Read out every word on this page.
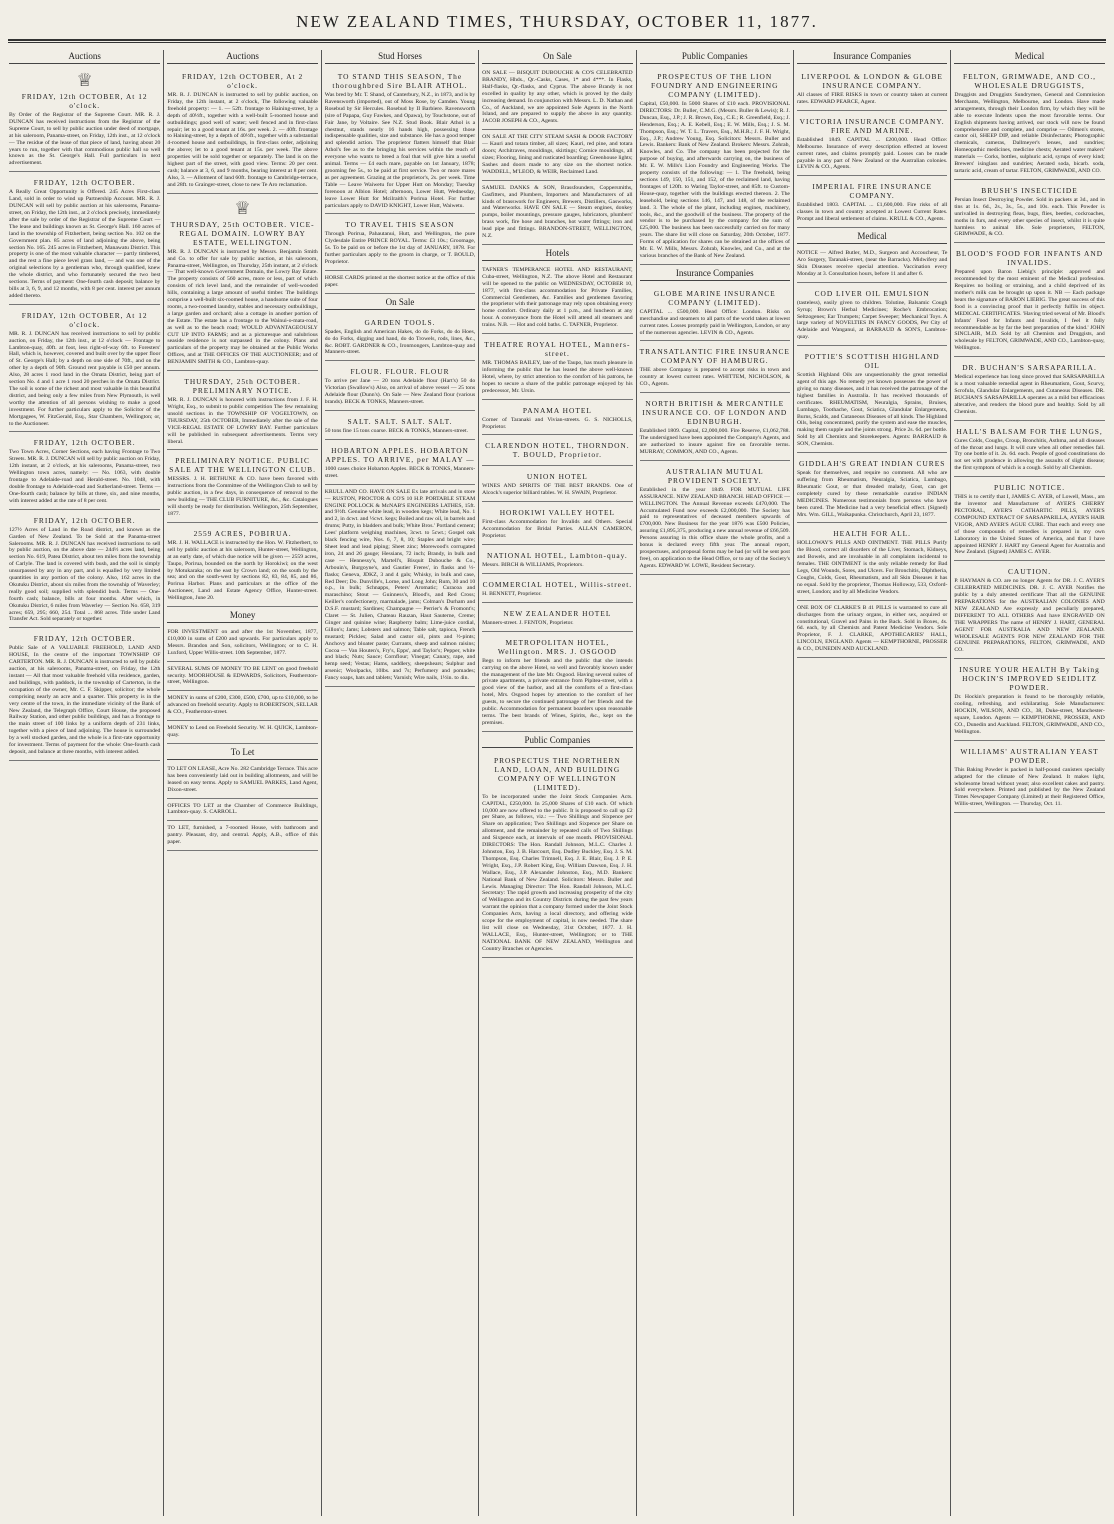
NEW ZEALAND TIMES, THURSDAY, OCTOBER 11, 1877.
Auctions
♕
FRIDAY, 12th OCTOBER, At 12 o'clock.

By Order of the Registrar of the Supreme Court. MR. R. J. DUNCAN has received instructions from the Registrar of the Supreme Court, to sell by public auction under deed of mortgage, at his saleroom, Panama-street, on Friday, 12th inst., at 12 o'clock — The residue of the lease of that piece of land, having about 20 years to run, together with that commodious public hall so well known as the St. George's Hall. Full particulars in next advertisement.

FRIDAY, 12th OCTOBER.

A Really Great Opportunity is Offered. 245 Acres First-class Land, sold in order to wind up Partnership Account. MR. R. J. DUNCAN will sell by public auction at his salerooms, Panama-street, on Friday, the 12th inst., at 2 o'clock precisely, immediately after the sale by order of the Registrar of the Supreme Court — The lease and buildings known as St. George's Hall. 160 acres of land in the township of Fitzherbert, being section No. 102 on the Government plan. 85 acres of land adjoining the above, being section No. 165. 245 acres in Fitzherbert, Manawatu District. This property is one of the most valuable character — partly timbered, and the rest a fine piece level grass land, — and was one of the original selections by a gentleman who, through qualified, knew the whole district, and who fortunately secured the two best sections. Terms of payment: One-fourth cash deposit; balance by bills at 3, 6, 9, and 12 months, with 8 per cent. interest per annum added thereto.

FRIDAY, 12th OCTOBER, At 12 o'clock.

MR. R. J. DUNCAN has received instructions to sell by public auction, on Friday, the 12th inst., at 12 o'clock — Frontage to Lambton-quay, 40ft. at foot, less right-of-way 6ft. to Foresters' Hall, which is, however, covered and built over by the upper floor of St. George's Hall; by a depth on one side of 70ft., and on the other by a depth of 90ft. Ground rent payable is £50 per annum. Also, 28 acres 1 rood land in the Omata District, being part of section No. 4 and 1 acre 1 rood 20 perches in the Omata District. The soil is some of the richest and most valuable in this beautiful district, and being only a few miles from New Plymouth, is well worthy the attention of all persons wishing to make a good investment. For further particulars apply to the Solicitor of the Mortgagees, W. FitzGerald, Esq., Star Chambers, Wellington; or, to the Auctioneer.

FRIDAY, 12th OCTOBER.

Two Town Acres, Corner Sections, each having Frontage to Two Streets. MR. R. J. DUNCAN will sell by public auction on Friday, 12th instant, at 2 o'clock, at his salerooms, Panama-street, two Wellington town acres, namely: — No. 1063, with double frontage to Adelaide-road and Herald-street. No. 1048, with double frontage to Adelaide-road and Sutherland-street. Terms — One-fourth cash; balance by bills at three, six, and nine months, with interest added at the rate of 8 per cent.

FRIDAY, 12th OCTOBER.

127½ Acres of Land in the Road district, and known as the Garden of New Zealand. To be Sold at the Panama-street Salerooms. MR. R. J. DUNCAN has received instructions to sell by public auction, on the above date — 244½ acres land, being section No. 619, Patea District, about ten miles from the township of Carlyle. The land is covered with bush, and the soil is simply unsurpassed by any in any part, and is equalled by very limited quantities in any portion of the colony. Also, 162 acres in the Okutuku District, about six miles from the township of Waverley; really good soil; supplied with splendid bush. Terms — One-fourth cash; balance, bills at four months. After which, in Okutuku District, 6 miles from Waverley — Section No. 658, 319 acres; 659, 295; 660, 254. Total ... 868 acres. Title under Land Transfer Act. Sold separately or together.

FRIDAY, 12th OCTOBER.

Public Sale of A VALUABLE FREEHOLD, LAND AND HOUSE, In the centre of the important TOWNSHIP OF CARTERTON. MR. R. J. DUNCAN is instructed to sell by public auction, at his salerooms, Panama-street, on Friday, the 12th instant — All that most valuable freehold villa residence, garden, and buildings, with paddock, in the township of Carterton, in the occupation of the owner, Mr. C. F. Skipper, solicitor; the whole comprising nearly an acre and a quarter. This property is in the very centre of the town, in the immediate vicinity of the Bank of New Zealand, the Telegraph Office, Court House, the proposed Railway Station, and other public buildings, and has a frontage to the main street of 100 links by a uniform depth of 231 links, together with a piece of land adjoining. The house is surrounded by a well stocked garden, and the whole is a first-rate opportunity for investment. Terms of payment for the whole: One-fourth cash deposit, and balance at three months, with interest added.

Auctions
FRIDAY, 12th OCTOBER, At 2 o'clock.

MR. R. J. DUNCAN is instructed to sell by public auction, on Friday, the 12th instant, at 2 o'clock, The following valuable freehold property: — 1. — 52ft. frontage to Haining-street, by a depth of 40½ft., together with a well-built 5-roomed house and outbuildings; good well of water; well fenced and in first-class repair; let to a good tenant at 16s. per week. 2. — 40ft. frontage to Haining-street, by a depth of 40½ft., together with a substantial 4-roomed house and outbuildings, in first-class order, adjoining the above; let to a good tenant at 15s. per week. The above properties will be sold together or separately. The land is on the highest part of the street, with good view. Terms: 20 per cent. cash; balance at 3, 6, and 9 months, bearing interest at 8 per cent. Also, 3. — Allotment of land 60ft. frontage to Cambridge-terrace, and 28ft. to Grainger-street, close to new Te Aro reclamation.

♕
THURSDAY, 25th OCTOBER. VICE-REGAL DOMAIN. LOWRY BAY ESTATE, WELLINGTON.

MR. R. J. DUNCAN is instructed by Messrs. Benjamin Smith and Co. to offer for sale by public auction, at his saleroom, Panama-street, Wellington, on Thursday, 25th instant, at 2 o'clock — That well-known Government Domain, the Lowry Bay Estate. The property consists of 560 acres, more or less, part of which consists of rich level land, and the remainder of well-wooded hills, containing a large amount of useful timber. The buildings comprise a well-built six-roomed house, a handsome suite of four rooms, a two-roomed laundry, stables and necessary outbuildings, a large garden and orchard; also a cottage in another portion of the Estate. The estate has a frontage to the Wainui-o-mata-road, as well as to the beach road; WOULD ADVANTAGEOUSLY CUT UP INTO FARMS; and as a picturesque and salubrious seaside residence is not surpassed in the colony. Plans and particulars of the property may be obtained at the Public Works Offices, and at THE OFFICES OF THE AUCTIONEER; and of BENJAMIN SMITH & CO., Lambton-quay.

THURSDAY, 25th OCTOBER. PRELIMINARY NOTICE.

MR. R. J. DUNCAN is honored with instructions from J. F. H. Wright, Esq., to submit to public competition The few remaining unsold sections in the TOWNSHIP OF VOGELTOWN, on THURSDAY, 25th OCTOBER, Immediately after the sale of the VICE-REGAL ESTATE OF LOWRY BAY. Further particulars will be published in subsequent advertisements. Terms very liberal.

PRELIMINARY NOTICE. PUBLIC SALE AT THE WELLINGTON CLUB.

MESSRS. J. H. BETHUNE & CO. have been favored with instructions from the Committee of the Wellington Club to sell by public auction, in a few days, in consequence of removal to the new building — THE CLUB FURNITURE, &c., &c. Catalogues will shortly be ready for distribution. Wellington, 25th September, 1877.

2559 ACRES, POBIRUA.

MR. J. H. WALLACE is instructed by the Hon. W. Fitzherbert, to sell by public auction at his saleroom, Hunter-street, Wellington, at an early date, of which due notice will be given — 2559 acres, Taupo, Porirua, bounded on the north by Horokiwi; on the west by Motukaraka; on the east by Crown land; on the south by the sea; and on the south-west by sections 82, 83, 84, 85, and 86, Porirua Harbor. Plans and particulars at the office of the Auctioneer, Land and Estate Agency Office, Hunter-street. Wellington, June 20.

Money

FOR INVESTMENT on and after the 1st November, 1877, £10,000 in sums of £200 and upwards. For particulars apply to Messrs. Brandon and Son, solicitors, Wellington; or to C. H. Luxford, Upper Willis-street. 10th September, 1877.

SEVERAL SUMS OF MONEY TO BE LENT on good freehold security. MOORHOUSE & EDWARDS, Solicitors, Featherston-street, Wellington.

MONEY in sums of £200, £300, £500, £700, up to £10,000, to be advanced on freehold security. Apply to ROBERTSON, SELLAR & CO., Featherston-street.

MONEY to Lend on Freehold Security. W. H. QUICK, Lambton-quay.

To Let

TO LET ON LEASE, Acre No. 282 Cambridge Terrace. This acre has been conveniently laid out in building allotments, and will be leased on easy terms. Apply to SAMUEL PARKES, Land Agent, Dixon-street.

OFFICES TO LET at the Chamber of Commerce Buildings, Lambton-quay. S. CARROLL.

TO LET, furnished, a 7-roomed House, with bathroom and pantry. Pleasant, dry, and central. Apply, A.B., office of this paper.

Stud Horses
TO STAND THIS SEASON, The thoroughbred Sire BLAIR ATHOL.

Was bred by Mr. T. Shand, of Canterbury, N.Z., in 1873, and is by Ravensworth (imported), out of Moss Rose, by Camden. Young Rosebud by Sir Hercules. Rosebud by II Barbiere. Ravensworth (sire of Papapa, Guy Fawkes, and Opawa), by Touchstone, out of Fair Jane, by Voltaire. See N.Z. Stud Book. Blair Athol is a chestnut, stands nearly 16 hands high, possessing those indispensable qualities, size and substance. He has a good temper and splendid action. The proprietor flatters himself that Blair Athol's fee as to the bringing his services within the reach of everyone who wants to breed a foal that will give him a useful animal. Terms — £4 each mare, payable on 1st January, 1878; grooming fee 5s., to be paid at first service. Two or more mares as per agreement. Grazing at the proprietor's, 2s. per week. Time Table — Leave Waiwetu for Upper Hutt on Monday; Tuesday forenoon at Albion Hotel; afternoon, Lower Hutt, Wednesday, leave Lower Hutt for Mcilraith's Porirua Hotel. For further particulars apply to DAVID KNIGHT, Lower Hutt, Waiwetu.

TO TRAVEL THIS SEASON

Through Porirua, Pahautanui, Hutt, and Wellington, the pure Clydesdale Entire PRINCE ROYAL. Terms: £3 10s.; Groomage, 5s. To be paid on or before the 1st day of JANUARY, 1878. For further particulars apply to the groom in charge, or T. BOULD, Proprietor.

HORSE CARDS printed at the shortest notice at the office of this paper.

On Sale
GARDEN TOOLS.

Spades, English and American Hakes, do do Forks, do do Hoes, do do Forks, digging and hand, do do Trowels, rods, lines, &c., &c. ROBT. GARDNER & CO., Ironmongers, Lambton-quay and Manners-street.

FLOUR. FLOUR. FLOUR

To arrive per Jane — 20 tons Adelaide flour (Hart's) 50 do Victorian (Swallow's) Also, on arrival of above vessel — 25 tons Adelaide flour (Dunn's). On Sale — New Zealand flour (various brands). BECK & TONKS, Manners-street.

SALT. SALT. SALT. SALT.

50 tons fine 15 tons coarse. BECK & TONKS, Manners-street.

HOBARTON APPLES. HOBARTON APPLES. TO ARRIVE, per MALAY —

1000 cases choice Hobarton Apples. BECK & TONKS, Manners-street.

KRULL AND CO. HAVE ON SALE Ex late arrivals and in store — RUSTON, PROCTOR & CO'S 10 H.P. PORTABLE STEAM ENGINE POLLOCK & McNAB'S ENGINEERS LATHES, 15ft. and 9½ft. Genuine white lead, in wooden kegs; White lead, No. 1 and 2, in 4cwt. and ½cwt. kegs; Boiled and raw oil, in barrels and drums; Putty, in bladders and bulk; White Bros.' Portland cement; Lees' platform weighing machines, 3cwt. to 5cwt.; Gospel oak black fencing wire, Nos. 6, 7, 8, 10; Staples and bright wire; Sheet lead and lead piping; Sheet zinc; Morewood's corrugated iron, 24 and 26 gauge; Hessians, 72 inch; Brandy, in bulk and case — Hennessy's, Martell's, Bisquit Dubouche & Co., Arbouin's, Burgoyne's, and Gautier Freres', in flasks and ½-flasks; Geneva, JDKZ, 3 and 4 gals; Whisky, in bulk and case, Red Deer; Do. Dunville's, Lorne, and Long John; Rum, 30 and 10 o.p., in bulk; Schnapps, Peters' Aromatic; Curacoa and maraschino; Stout — Guinness's, Blood's, and Red Cross; Keiller's confectionery, marmalade, jams; Colman's Durham and D.S.F. mustard; Sardines; Champagne — Perrier's & Fromont's; Claret — St. Julien, Chateau Rauzan, Haut Sauterne, Creme; Ginger and quinine wine; Raspberry balm; Lime-juice cordial, Gillon's; Jams; Lobsters and salmon; Table salt, tapioca, French mustard; Pickles; Salad and castor oil, pints and ½-pints; Anchovy and bloater paste; Currants, sheep and salmon raisins; Cocoa — Van Houten's, Fry's, Epps', and Taylor's; Pepper, white and black; Nuts; Sauce; Cornflour; Vinegar; Canary, rape, and hemp seed; Vestas; Hams, saddlery, sheepshears; Sulphur and arsenic; Woolpacks, 10lbs. and 7s; Perfumery and pomades; Fancy soaps, hats and tablets; Varnish; Wire nails, 1½in. to 4in.

On Sale

ON SALE — BISQUIT DUBOUCHE & CO'S CELEBRATED BRANDY, Hhds., Qr.-Casks, Cases, 1* and 4***. In Flasks, Half-flasks, Qr.-flasks, and Cyprus. The above Brandy is not excelled in quality by any other, which is proved by the daily increasing demand. In conjunction with Messrs. L. D. Nathan and Co., of Auckland, we are appointed Sole Agents in the North Island, and are prepared to supply the above in any quantity. JACOB JOSEPH & CO., Agents.

ON SALE AT THE CITY STEAM SASH & DOOR FACTORY — Kauri and totara timber, all sizes; Kauri, red pine, and totara doors; Architraves, mouldings, skirtings; Cornice mouldings, all sizes; Flooring, lining and rusticated boarding; Greenhouse lights; Sashes and doors made to any size on the shortest notice. WADDELL, M'LEOD, & WEIR, Reclaimed Land.

SAMUEL DANKS & SON, Brassfounders, Coppersmiths, Gasfitters, and Plumbers, Importers and Manufacturers of all kinds of brasswork for Engineers, Brewers, Distillers, Gasworks, and Waterworks. HAVE ON SALE — Steam engines, donkey pumps, boiler mountings, pressure gauges, lubricators, plumbers' brass work, fire hose and branches, hot water fittings; iron and lead pipe and fittings. BRANDON-STREET, WELLINGTON, N.Z.

Hotels

TAFNER'S TEMPERANCE HOTEL AND RESTAURANT, Cuba-street, Wellington, N.Z. The above Hotel and Restaurant will be opened to the public on WEDNESDAY, OCTOBER 10, 1877, with first-class accommodation for Private Families, Commercial Gentlemen, &c. Families and gentlemen favoring the proprietor with their patronage may rely upon obtaining every home comfort. Ordinary daily at 1 p.m., and luncheon at any hour. A conveyance from the Hotel will attend all steamers and trains. N.B. — Hot and cold baths. C. TAFNER, Proprietor.

THEATRE ROYAL HOTEL, Manners-street.

MR. THOMAS BAILEY, late of the Taupo, has much pleasure in informing the public that he has leased the above well-known Hotel, where, by strict attention to the comfort of his patrons, he hopes to secure a share of the public patronage enjoyed by his predecessor, Mr. Ursin.

PANAMA HOTEL

Corner of Taranaki and Vivian-streets. G. S. NICHOLLS, Proprietor.

CLARENDON HOTEL, THORNDON. T. BOULD, Proprietor.
UNION HOTEL

WINES AND SPIRITS OF THE BEST BRANDS. One of Alcock's superior billiard tables. W. H. SWAIN, Proprietor.

HOROKIWI VALLEY HOTEL

First-class Accommodation for Invalids and Others. Special Accommodation for Bridal Parties. ALLAN CAMERON, Proprietor.

NATIONAL HOTEL, Lambton-quay.

Messrs. BIRCH & WILLIAMS, Proprietors.

COMMERCIAL HOTEL, Willis-street.

H. BENNETT, Proprietor.

NEW ZEALANDER HOTEL

Manners-street. J. FENTON, Proprietor.

METROPOLITAN HOTEL, Wellington. MRS. J. OSGOOD

Begs to inform her friends and the public that she intends carrying on the above Hotel, so well and favorably known under the management of the late Mr. Osgood. Having several suites of private apartments, a private entrance from Pipitea-street, with a good view of the harbor, and all the comforts of a first-class hotel, Mrs. Osgood hopes by attention to the comfort of her guests, to secure the continued patronage of her friends and the public. Accommodation for permanent boarders upon reasonable terms. The best brands of Wines, Spirits, &c., kept on the premises.

Public Companies
PROSPECTUS THE NORTHERN LAND, LOAN, AND BUILDING COMPANY OF WELLINGTON (LIMITED).

To be incorporated under the Joint Stock Companies Acts. CAPITAL, £250,000. In 25,000 Shares of £10 each. Of which 10,000 are now offered to the public. It is proposed to call up £2 per Share, as follows, viz.: — Two Shillings and Sixpence per Share on application; Two Shillings and Sixpence per Share on allotment, and the remainder by repeated calls of Two Shillings and Sixpence each, at intervals of one month. PROVISIONAL DIRECTORS: The Hon. Randall Johnson, M.L.C. Charles J. Johnston, Esq. J. B. Harcourt, Esq. Dudley Buckley, Esq. J. S. M. Thompson, Esq. Charles Trimnell, Esq. J. E. Blair, Esq. J. P. E. Wright, Esq., J.P. Robert King, Esq. William Dawson, Esq. J. H. Wallace, Esq., J.P. Alexander Johnston, Esq., M.D. Bankers: National Bank of New Zealand. Solicitors: Messrs. Buller and Lewis. Managing Director: The Hon. Randall Johnson, M.L.C. Secretary: The rapid growth and increasing prosperity of the city of Wellington and its Country Districts during the past few years warrant the opinion that a company formed under the Joint Stock Companies Acts, having a local directory, and offering wide scope for the employment of capital, is now needed. The share list will close on Wednesday, 31st October, 1877. J. H. WALLACE, Esq., Hunter-street, Wellington; or to THE NATIONAL BANK OF NEW ZEALAND, Wellington and Country Branches or Agencies.

Public Companies
PROSPECTUS OF THE LION FOUNDRY AND ENGINEERING COMPANY (LIMITED).

Capital, £50,000. In 5000 Shares of £10 each. PROVISIONAL DIRECTORS: Dr. Buller, C.M.G. (Messrs. Buller & Lewis); R. J. Duncan, Esq., J.P.; J. R. Brown, Esq., C.E.; R. Greenfield, Esq.; J. Henderson, Esq.; A. E. Kebell, Esq.; E. W. Mills, Esq.; J. S. M. Thompson, Esq.; W. T. L. Travers, Esq., M.H.R.; J. F. H. Wright, Esq., J.P.; Andrew Young, Esq. Solicitors: Messrs. Buller and Lewis. Bankers: Bank of New Zealand. Brokers: Messrs. Zohrab, Knowles, and Co. The company has been projected for the purpose of buying, and afterwards carrying on, the business of Mr. E. W. Mills's Lion Foundry and Engineering Works. The property consists of the following: — 1. The freehold, being sections 149, 150, 151, and 152, of the reclaimed land, having frontages of 120ft. to Waring Taylor-street, and 85ft. to Custom-House-quay, together with the buildings erected thereon. 2. The leasehold, being sections 146, 147, and 148, of the reclaimed land. 3. The whole of the plant, including engines, machinery, tools, &c., and the goodwill of the business. The property of the vendor is to be purchased by the company for the sum of £25,000. The business has been successfully carried on for many years. The share list will close on Saturday, 20th October, 1877. Forms of application for shares can be obtained at the offices of Mr. E. W. Mills, Messrs. Zohrab, Knowles, and Co., and at the various branches of the Bank of New Zealand.

Insurance Companies
GLOBE MARINE INSURANCE COMPANY (LIMITED).

CAPITAL ... £500,000. Head Office: London. Risks on merchandise and steamers to all parts of the world taken at lowest current rates. Losses promptly paid in Wellington, London, or any of the numerous agencies. LEVIN & CO., Agents.

TRANSATLANTIC FIRE INSURANCE COMPANY OF HAMBURG.

THE above Company is prepared to accept risks in town and country at lowest current rates. WHITTEM, NICHOLSON, & CO., Agents.

NORTH BRITISH & MERCANTILE INSURANCE CO. OF LONDON AND EDINBURGH.

Established 1809. Capital, £2,000,000. Fire Reserve, £1,062,788. The undersigned have been appointed the Company's Agents, and are authorized to insure against fire on favorable terms. MURRAY, COMMON, AND CO., Agents.

AUSTRALIAN MUTUAL PROVIDENT SOCIETY.

Established in the year 1849. FOR MUTUAL LIFE ASSURANCE. NEW ZEALAND BRANCH. HEAD OFFICE — WELLINGTON. The Annual Revenue exceeds £470,000. The Accumulated Fund now exceeds £2,000,000. The Society has paid to representatives of deceased members upwards of £700,000. New Business for the year 1876 was £500 Policies, assuring £1,895,375, producing a new annual revenue of £66,509. Persons assuring in this office share the whole profits, and a bonus is declared every fifth year. The annual report, prospectuses, and proposal forms may be had (or will be sent post free), on application to the Head Office, or to any of the Society's Agents. EDWARD W. LOWE, Resident Secretary.

Insurance Companies
LIVERPOOL & LONDON & GLOBE INSURANCE COMPANY.

All classes of FIRE RISKS in town or country taken at current rates. EDWARD PEARCE, Agent.

VICTORIA INSURANCE COMPANY. FIRE AND MARINE.

Established 1849. CAPITAL ... £200,000. Head Office: Melbourne. Insurance of every description effected at lowest current rates, and claims promptly paid. Losses can be made payable in any part of New Zealand or the Australian colonies. LEVIN & CO., Agents.

IMPERIAL FIRE INSURANCE COMPANY.

Established 1803. CAPITAL ... £1,600,000. Fire risks of all classes in town and country accepted at Lowest Current Rates. Prompt and liberal settlement of claims. KRULL & CO., Agents.

Medical

NOTICE — Alfred Butler, M.D., Surgeon and Accoucheur, Te Aro Surgery, Taranaki-street, (near the Barracks). Midwifery and Skin Diseases receive special attention. Vaccination every Monday at 3. Consultation hours, before 11 and after 6.

COD LIVER OIL EMULSION

(tasteless), easily given to children. Tolutine, Balsamic Cough Syrup; Brown's Herbal Medicines; Roche's Embrocation; Seltzogenes; Ear Trumpets; Carpet Sweeper; Mechanical Toys. A large variety of NOVELTIES IN FANCY GOODS, Per City of Adelaide and Wanganui, at BARRAUD & SON'S, Lambton-quay.

POTTIE'S SCOTTISH HIGHLAND OIL

Scottish Highland Oils are unquestionably the great remedial agent of this age. No remedy yet known possesses the power of giving so many diseases, and it has received the patronage of the highest families in Australia. It has received thousands of certificates. RHEUMATISM, Neuralgia, Sprains, Bruises, Lumbago, Toothache, Gout, Sciatica, Glandular Enlargements, Burns, Scalds, and Cutaneous Diseases of all kinds. The Highland Oils, being concentrated, purify the system and ease the muscles, making them supple and the joints strong. Price 2s. 6d. per bottle. Sold by all Chemists and Storekeepers. Agents: BARRAUD & SON, Chemists.

GIDDLAH'S GREAT INDIAN CURES

Speak for themselves, and require no comment. All who are suffering from Rheumatism, Neuralgia, Sciatica, Lumbago, Rheumatic Gout, or that dreaded malady, Gout, can get completely cured by these remarkable curative INDIAN MEDICINES. Numerous testimonials from persons who have been cured. The Medicine had a very beneficial effect. (Signed) Mrs. Wm. GILL, Waikapunka. Christchurch, April 23, 1877.

HEALTH FOR ALL.

HOLLOWAY'S PILLS AND OINTMENT. THE PILLS Purify the Blood, correct all disorders of the Liver, Stomach, Kidneys, and Bowels, and are invaluable in all complaints incidental to females. THE OINTMENT is the only reliable remedy for Bad Legs, Old Wounds, Sores, and Ulcers. For Bronchitis, Diphtheria, Coughs, Colds, Gout, Rheumatism, and all Skin Diseases it has no equal. Sold by the proprietor, Thomas Holloway, 533, Oxford-street, London; and by all Medicine Vendors.

ONE BOX OF CLARKE'S B 41 PILLS is warranted to cure all discharges from the urinary organs, in either sex, acquired or constitutional, Gravel and Pains in the Back. Sold in Boxes, 4s. 6d. each, by all Chemists and Patent Medicine Vendors. Sole Proprietor, F. J. CLARKE, APOTHECARIES' HALL, LINCOLN, ENGLAND. Agents — KEMPTHORNE, PROSSER & CO., DUNEDIN AND AUCKLAND.

Medical
FELTON, GRIMWADE, AND CO., WHOLESALE DRUGGISTS,

Druggists and Druggists Sundrymen, General and Commission Merchants, Wellington, Melbourne, and London. Have made arrangements, through their London firm, by which they will be able to execute Indents upon the most favorable terms. Our English shipments having arrived, our stock will now be found comprehensive and complete, and comprise — Oilmen's stores, castor oil, SHEEP DIP, and reliable Disinfectants; Photographic chemicals, cameras, Dallmeyer's lenses, and sundries; Homeopathic medicines, medicine chests; Aerated water makers' materials — Corks, bottles, sulphuric acid, syrups of every kind; Brewers' isinglass and sundries; Aerated soda, bicarb. soda, tartaric acid, cream of tartar. FELTON, GRIMWADE, AND CO.

BRUSH'S INSECTICIDE

Persian Insect Destroying Powder. Sold in packets at 3d., and in tins at 1s. 6d., 2s., 3s., 5s., and 10s. each. This Powder is unrivalled in destroying fleas, bugs, flies, beetles, cockroaches, moths in furs, and every other species of insect, whilst it is quite harmless to animal life. Sole proprietors, FELTON, GRIMWADE, & CO.

BLOOD'S FOOD FOR INFANTS AND INVALIDS.

Prepared upon Baron Liebig's principle: approved and recommended by the most eminent of the Medical profession. Requires no boiling or straining, and a child deprived of its mother's milk can be brought up upon it. NB — Each package bears the signature of BARON LIEBIG. The great success of this food is a convincing proof that it perfectly fulfils its object. MEDICAL CERTIFICATES. 'Having tried several of Mr. Blood's Infants' Food for Infants and Invalids, I feel it fully recommendable as by far the best preparation of the kind.' JOHN SINCLAIR, M.D. Sold by all Chemists and Druggists, and wholesale by FELTON, GRIMWADE, AND CO., Lambton-quay, Wellington.

DR. BUCHAN'S SARSAPARILLA.

Medical experience has long since proved that SARSAPARILLA is a most valuable remedial agent in Rheumatism, Gout, Scurvy, Scrofula, Glandular Enlargements, and Cutaneous Diseases. DR. BUCHAN'S SARSAPARILLA operates as a mild but efficacious alterative, and renders the blood pure and healthy. Sold by all Chemists.

HALL'S BALSAM FOR THE LUNGS,

Cures Colds, Coughs, Croup, Bronchitis, Asthma, and all diseases of the throat and lungs. It will cure when all other remedies fail. Try one bottle of it. 2s. 6d. each. People of good constitutions do not set with prudence in allowing the assaults of slight disease; the first symptom of which is a cough. Sold by all Chemists.

PUBLIC NOTICE.

THIS is to certify that I, JAMES C. AYER, of Lowell, Mass., am the inventor and Manufacturer of AYER'S CHERRY PECTORAL, AYER'S CATHARTIC PILLS, AYER'S COMPOUND EXTRACT OF SARSAPARILLA, AYER'S HAIR VIGOR, AND AYER'S AGUE CURE. That each and every one of those compounds of remedies is prepared in my own Laboratory in the United States of America, and that I have appointed HENRY J. HART my General Agent for Australia and New Zealand. (Signed) JAMES C. AYER.

CAUTION.

P. HAYMAN & CO. are no longer Agents for DR. J. C. AYER'S CELEBRATED MEDICINES. DR. J. C. AYER Notifies the public by a duly attested certificate That all the GENUINE PREPARATIONS for the AUSTRALIAN COLONIES AND NEW ZEALAND Are expressly and peculiarly prepared, DIFFERENT TO ALL OTHERS And have ENGRAVED ON THE WRAPPERS The name of HENRY J. HART, GENERAL AGENT FOR AUSTRALIA AND NEW ZEALAND. WHOLESALE AGENTS FOR NEW ZEALAND FOR THE GENUINE PREPARATIONS, FELTON, GRIMWADE, AND CO.

INSURE YOUR HEALTH By Taking HOCKIN'S IMPROVED SEIDLITZ POWDER.

Dr. Hockin's preparation is found to be thoroughly reliable, cooling, refreshing, and exhilarating. Sole Manufacturers: HOCKIN, WILSON, AND CO., 38, Duke-street, Manchester-square, London. Agents — KEMPTHORNE, PROSSER, AND CO., Dunedin and Auckland. FELTON, GRIMWADE, AND CO., Wellington.

WILLIAMS' AUSTRALIAN YEAST POWDER.

This Baking Powder is packed in half-pound canisters specially adapted for the climate of New Zealand. It makes light, wholesome bread without yeast; also excellent cakes and pastry. Sold everywhere. Printed and published by the New Zealand Times Newspaper Company (Limited) at their Registered Office, Willis-street, Wellington. — Thursday, Oct. 11.
